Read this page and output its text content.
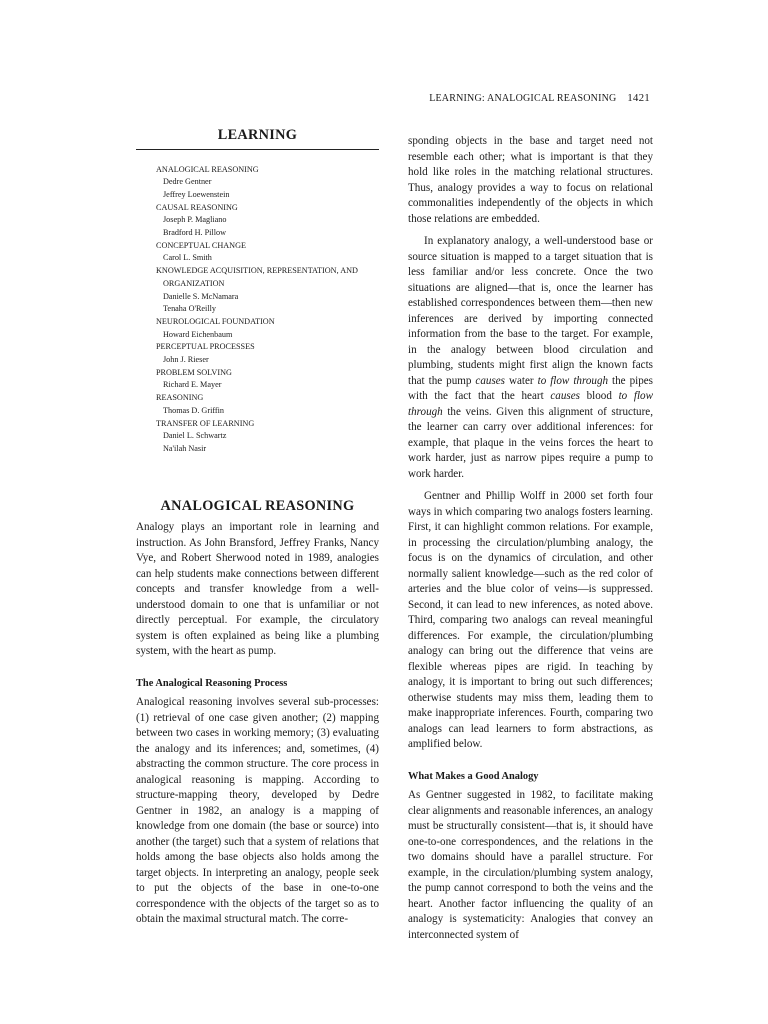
LEARNING: ANALOGICAL REASONING 1421
LEARNING
ANALOGICAL REASONING
Dedre Gentner
Jeffrey Loewenstein
CAUSAL REASONING
Joseph P. Magliano
Bradford H. Pillow
CONCEPTUAL CHANGE
Carol L. Smith
KNOWLEDGE ACQUISITION, REPRESENTATION, AND
ORGANIZATION
Danielle S. McNamara
Tenaha O'Reilly
NEUROLOGICAL FOUNDATION
Howard Eichenbaum
PERCEPTUAL PROCESSES
John J. Rieser
PROBLEM SOLVING
Richard E. Mayer
REASONING
Thomas D. Griffin
TRANSFER OF LEARNING
Daniel L. Schwartz
Na'ilah Nasir
ANALOGICAL REASONING

Analogy plays an important role in learning and instruction. As John Bransford, Jeffrey Franks, Nancy Vye, and Robert Sherwood noted in 1989, analogies can help students make connections between different concepts and transfer knowledge from a well-understood domain to one that is unfamiliar or not directly perceptual. For example, the circulatory system is often explained as being like a plumbing system, with the heart as pump.

The Analogical Reasoning Process

Analogical reasoning involves several sub-processes: (1) retrieval of one case given another; (2) mapping between two cases in working memory; (3) evaluating the analogy and its inferences; and, sometimes, (4) abstracting the common structure. The core process in analogical reasoning is mapping. According to structure-mapping theory, developed by Dedre Gentner in 1982, an analogy is a mapping of knowledge from one domain (the base or source) into another (the target) such that a system of relations that holds among the base objects also holds among the target objects. In interpreting an analogy, people seek to put the objects of the base in one-to-one correspondence with the objects of the target so as to obtain the maximal structural match. The corre-

sponding objects in the base and target need not resemble each other; what is important is that they hold like roles in the matching relational structures. Thus, analogy provides a way to focus on relational commonalities independently of the objects in which those relations are embedded.

In explanatory analogy, a well-understood base or source situation is mapped to a target situation that is less familiar and/or less concrete. Once the two situations are aligned—that is, once the learner has established correspondences between them—then new inferences are derived by importing connected information from the base to the target. For example, in the analogy between blood circulation and plumbing, students might first align the known facts that the pump causes water to flow through the pipes with the fact that the heart causes blood to flow through the veins. Given this alignment of structure, the learner can carry over additional inferences: for example, that plaque in the veins forces the heart to work harder, just as narrow pipes require a pump to work harder.

Gentner and Phillip Wolff in 2000 set forth four ways in which comparing two analogs fosters learning. First, it can highlight common relations. For example, in processing the circulation/plumbing analogy, the focus is on the dynamics of circulation, and other normally salient knowledge—such as the red color of arteries and the blue color of veins—is suppressed. Second, it can lead to new inferences, as noted above. Third, comparing two analogs can reveal meaningful differences. For example, the circulation/plumbing analogy can bring out the difference that veins are flexible whereas pipes are rigid. In teaching by analogy, it is important to bring out such differences; otherwise students may miss them, leading them to make inappropriate inferences. Fourth, comparing two analogs can lead learners to form abstractions, as amplified below.

What Makes a Good Analogy

As Gentner suggested in 1982, to facilitate making clear alignments and reasonable inferences, an analogy must be structurally consistent—that is, it should have one-to-one correspondences, and the relations in the two domains should have a parallel structure. For example, in the circulation/plumbing system analogy, the pump cannot correspond to both the veins and the heart. Another factor influencing the quality of an analogy is systematicity: Analogies that convey an interconnected system of
